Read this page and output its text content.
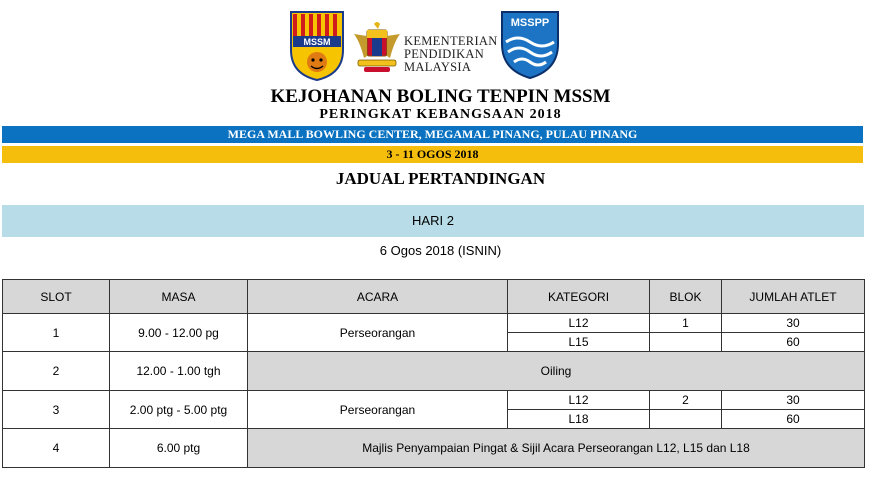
MSSM	KEMENTERIAN
PENDIDIKAN
MALAYSIA
MSSPP
KEJOHANAN BOLING TENPIN MSSM
PERINGKAT KEBANGSAAN 2018
MEGA MALL BOWLING CENTER, MEGAMAL PINANG, PULAU PINANG
3 - 11 OGOS 2018
JADUAL PERTANDINGAN
HARI 2
6 Ogos 2018 (ISNIN)
SLOT	MASA	ACARA	KATEGORI	BLOK	JUMLAH ATLET
1	9.00 - 12.00 pg	Perseorangan	L12	1	30
			L15		60
2	12.00 - 1.00 tgh	Oiling			
3	2.00 ptg - 5.00 ptg	Perseorangan	L12	2	30
			L18		60
4	6.00 ptg	Majlis Penyampaian Pingat & Sijil Acara Perseorangan L12, L15 dan L18			
